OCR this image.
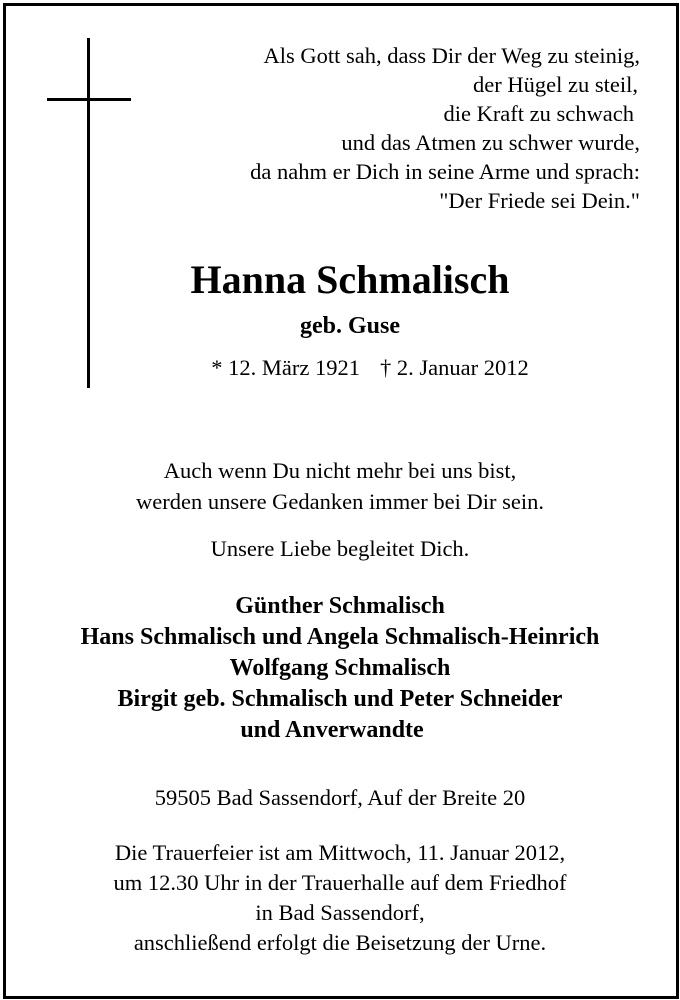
Als Gott sah, dass Dir der Weg zu steinig,
der Hügel zu steil,
die Kraft zu schwach
und das Atmen zu schwer wurde,
da nahm er Dich in seine Arme und sprach:
"Der Friede sei Dein."
Hanna Schmalisch
geb. Guse
* 12. März 1921 † 2. Januar 2012
Auch wenn Du nicht mehr bei uns bist,
werden unsere Gedanken immer bei Dir sein.
Unsere Liebe begleitet Dich.
Günther Schmalisch
Hans Schmalisch und Angela Schmalisch-Heinrich
Wolfgang Schmalisch
Birgit geb. Schmalisch und Peter Schneider
und Anverwandte
59505 Bad Sassendorf, Auf der Breite 20
Die Trauerfeier ist am Mittwoch, 11. Januar 2012,
um 12.30 Uhr in der Trauerhalle auf dem Friedhof
in Bad Sassendorf,
anschließend erfolgt die Beisetzung der Urne.
